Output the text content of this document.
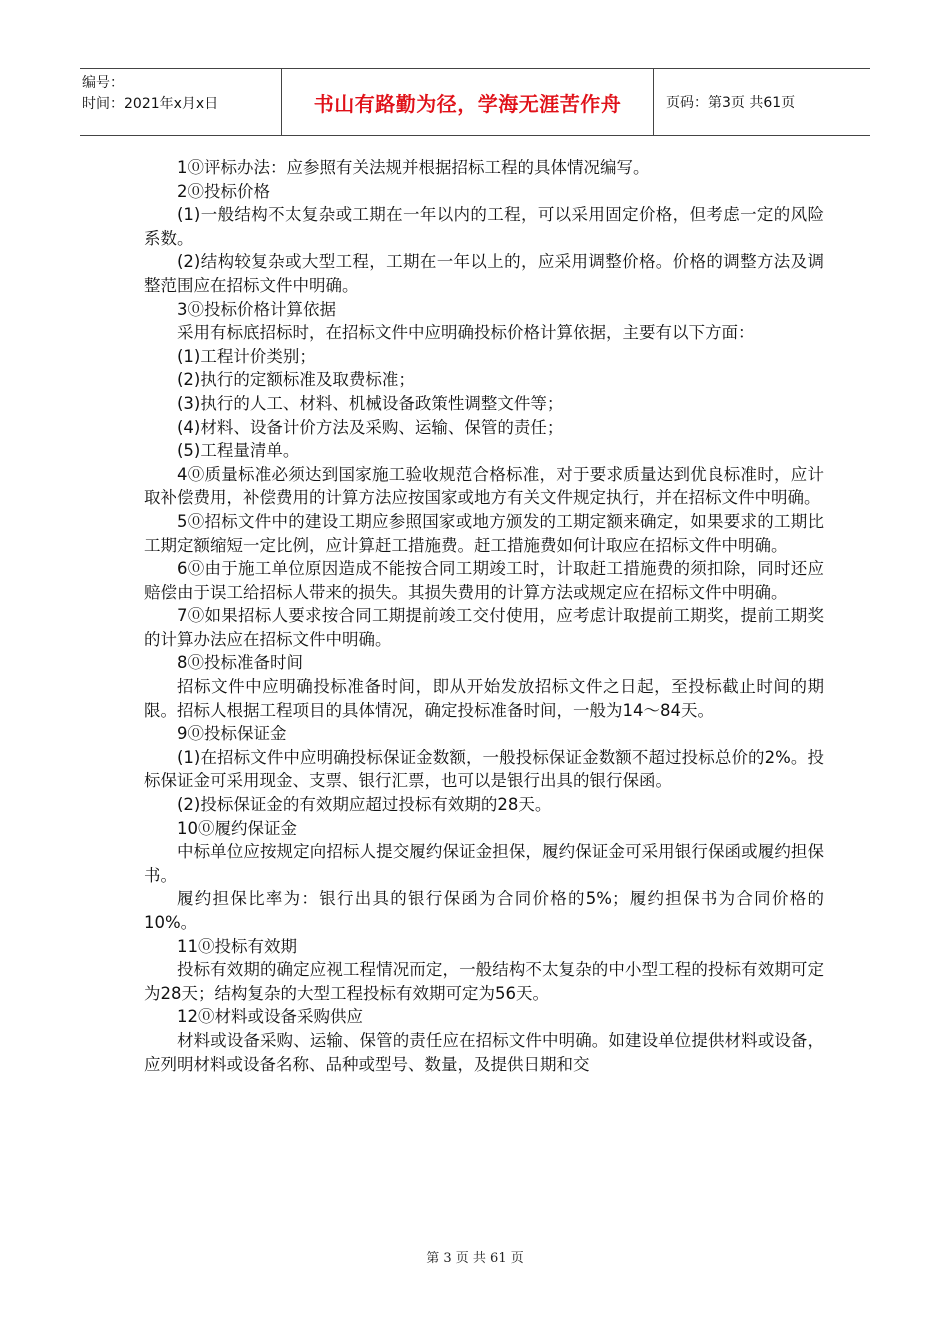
编号：
时间：2021年x月x日	书山有路勤为径，学海无涯苦作舟	页码：第3页 共61页

1⓪评标办法：应参照有关法规并根据招标工程的具体情况编写。

2⓪投标价格

(1)一般结构不太复杂或工期在一年以内的工程，可以采用固定价格，但考虑一定的风险系数。

(2)结构较复杂或大型工程，工期在一年以上的，应采用调整价格。价格的调整方法及调整范围应在招标文件中明确。

3⓪投标价格计算依据

采用有标底招标时，在招标文件中应明确投标价格计算依据，主要有以下方面：

(1)工程计价类别；

(2)执行的定额标准及取费标准；

(3)执行的人工、材料、机械设备政策性调整文件等；

(4)材料、设备计价方法及采购、运输、保管的责任；

(5)工程量清单。

4⓪质量标准必须达到国家施工验收规范合格标准，对于要求质量达到优良标准时，应计取补偿费用，补偿费用的计算方法应按国家或地方有关文件规定执行，并在招标文件中明确。

5⓪招标文件中的建设工期应参照国家或地方颁发的工期定额来确定，如果要求的工期比工期定额缩短一定比例，应计算赶工措施费。赶工措施费如何计取应在招标文件中明确。

6⓪由于施工单位原因造成不能按合同工期竣工时，计取赶工措施费的须扣除，同时还应赔偿由于误工给招标人带来的损失。其损失费用的计算方法或规定应在招标文件中明确。

7⓪如果招标人要求按合同工期提前竣工交付使用，应考虑计取提前工期奖，提前工期奖的计算办法应在招标文件中明确。

8⓪投标准备时间

招标文件中应明确投标准备时间，即从开始发放招标文件之日起，至投标截止时间的期限。招标人根据工程项目的具体情况，确定投标准备时间，一般为14～84天。

9⓪投标保证金

(1)在招标文件中应明确投标保证金数额，一般投标保证金数额不超过投标总价的2%。投标保证金可采用现金、支票、银行汇票，也可以是银行出具的银行保函。

(2)投标保证金的有效期应超过投标有效期的28天。

10⓪履约保证金

中标单位应按规定向招标人提交履约保证金担保，履约保证金可采用银行保函或履约担保书。

履约担保比率为：银行出具的银行保函为合同价格的5%；履约担保书为合同价格的10%。

11⓪投标有效期

投标有效期的确定应视工程情况而定，一般结构不太复杂的中小型工程的投标有效期可定为28天；结构复杂的大型工程投标有效期可定为56天。

12⓪材料或设备采购供应

材料或设备采购、运输、保管的责任应在招标文件中明确。如建设单位提供材料或设备，应列明材料或设备名称、品种或型号、数量，及提供日期和交

第 3 页 共 61 页
